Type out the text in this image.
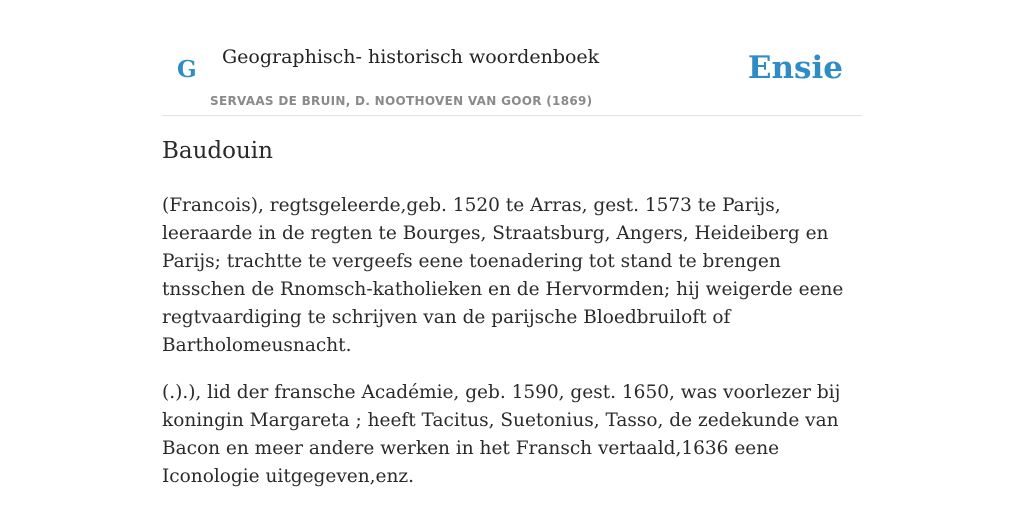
G Geographisch- historisch woordenboek
SERVAAS DE BRUIN, D. NOOTHOVEN VAN GOOR (1869)
Ensie
Baudouin

(Francois), regtsgeleerde,geb. 1520 te Arras, gest. 1573 te Parijs, leeraarde in de regten te Bourges, Straatsburg, Angers, Heideiberg en Parijs; trachtte te vergeefs eene toenadering tot stand te brengen tnsschen de Rnomsch-katholieken en de Hervormden; hij weigerde eene regtvaardiging te schrijven van de parijsche Bloedbruiloft of Bartholomeusnacht.

(.).), lid der fransche Académie, geb. 1590, gest. 1650, was voorlezer bij koningin Margareta ; heeft Tacitus, Suetonius, Tasso, de zedekunde van Bacon en meer andere werken in het Fransch vertaald,1636 eene Iconologie uitgegeven,enz.
